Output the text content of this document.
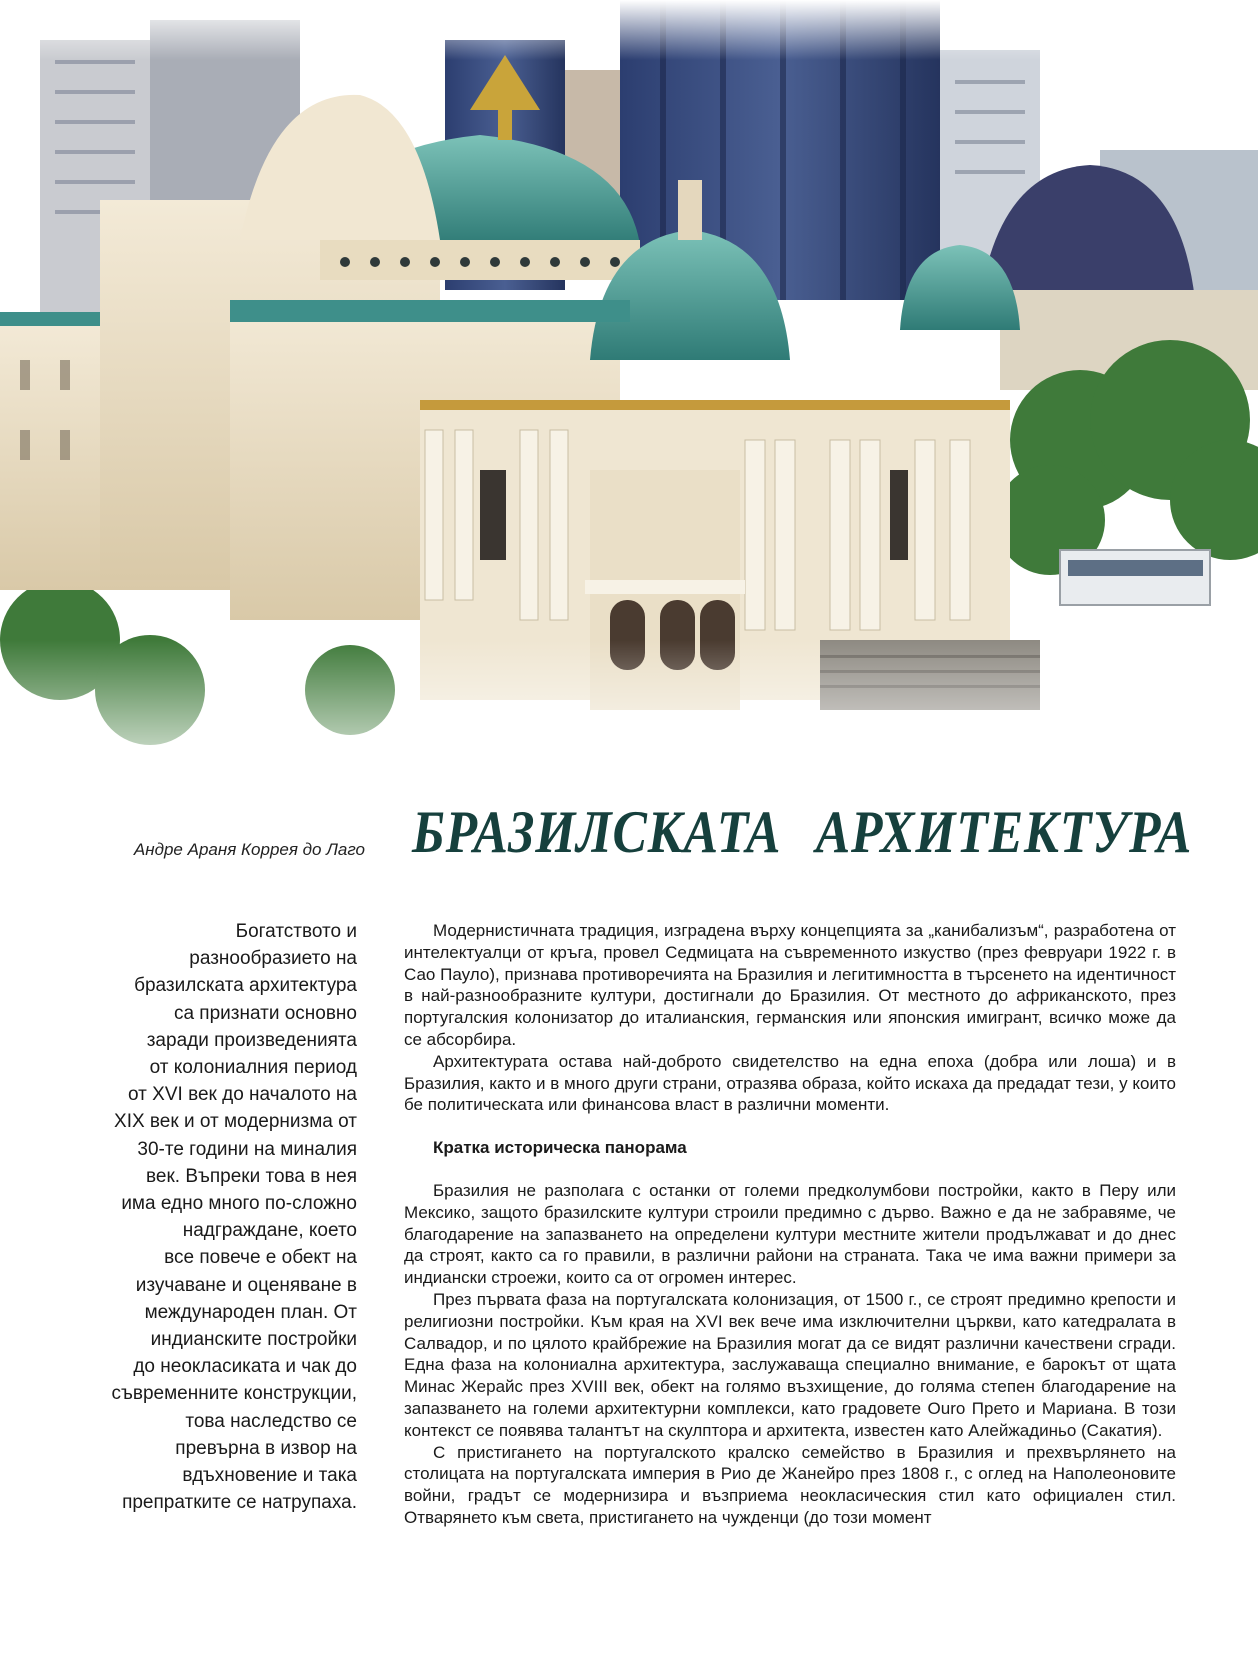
Андре Араня Коррея до Лаго БРАЗИЛСКАТА АРХИТЕКТУРА
Богатството и
разнообразието на
бразилската архитектура
са признати основно
заради произведенията
от колониалния период
от XVI век до началото на
XIX век и от модернизма от
30-те години на миналия
век. Въпреки това в нея
има едно много по-сложно
надграждане, което
все повече е обект на
изучаване и оценяване в
международен план. От
индианските постройки
до неокласиката и чак до
съвременните конструкции,
това наследство се
превърна в извор на
вдъхновение и така
препратките се натрупаха.

Модернистичната традиция, изградена върху концепцията за „канибализъм“, разработена от интелектуалци от кръга, провел Седмицата на съвременното изкуство (през февруари 1922 г. в Сао Пауло), признава противоречията на Бразилия и легитимността в търсенето на идентичност в най-разнообразните култури, достигнали до Бразилия. От местното до африканското, през португалския колонизатор до италианския, германския или японския имигрант, всичко може да се абсорбира.

Архитектурата остава най-доброто свидетелство на една епоха (добра или лоша) и в Бразилия, както и в много други страни, отразява образа, който искаха да предадат тези, у които бе политическата или финансова власт в различни моменти.

Кратка историческа панорама

Бразилия не разполага с останки от големи предколумбови постройки, както в Перу или Мексико, защото бразилските култури строили предимно с дърво. Важно е да не забравяме, че благодарение на запазването на определени култури местните жители продължават и до днес да строят, както са го правили, в различни райони на страната. Така че има важни примери за индиански строежи, които са от огромен интерес.

През първата фаза на португалската колонизация, от 1500 г., се строят предимно крепости и религиозни постройки. Към края на XVI век вече има изключителни църкви, като катедралата в Салвадор, и по цялото крайбрежие на Бразилия могат да се видят различни качествени сгради. Една фаза на колониална архитектура, заслужаваща специално внимание, е барокът от щата Минас Жерайс през XVIII век, обект на голямо възхищение, до голяма степен благодарение на запазването на големи архитектурни комплекси, като градовете Ouro Прето и Мариана. В този контекст се появява талантът на скулптора и архитекта, известен като Алейжадиньо (Сакатия).

С пристигането на португалското кралско семейство в Бразилия и прехвърлянето на столицата на португалската империя в Рио де Жанейро през 1808 г., с оглед на Наполеоновите войни, градът се модернизира и възприема неокласическия стил като официален стил. Отварянето към света, пристигането на чужденци (до този момент
